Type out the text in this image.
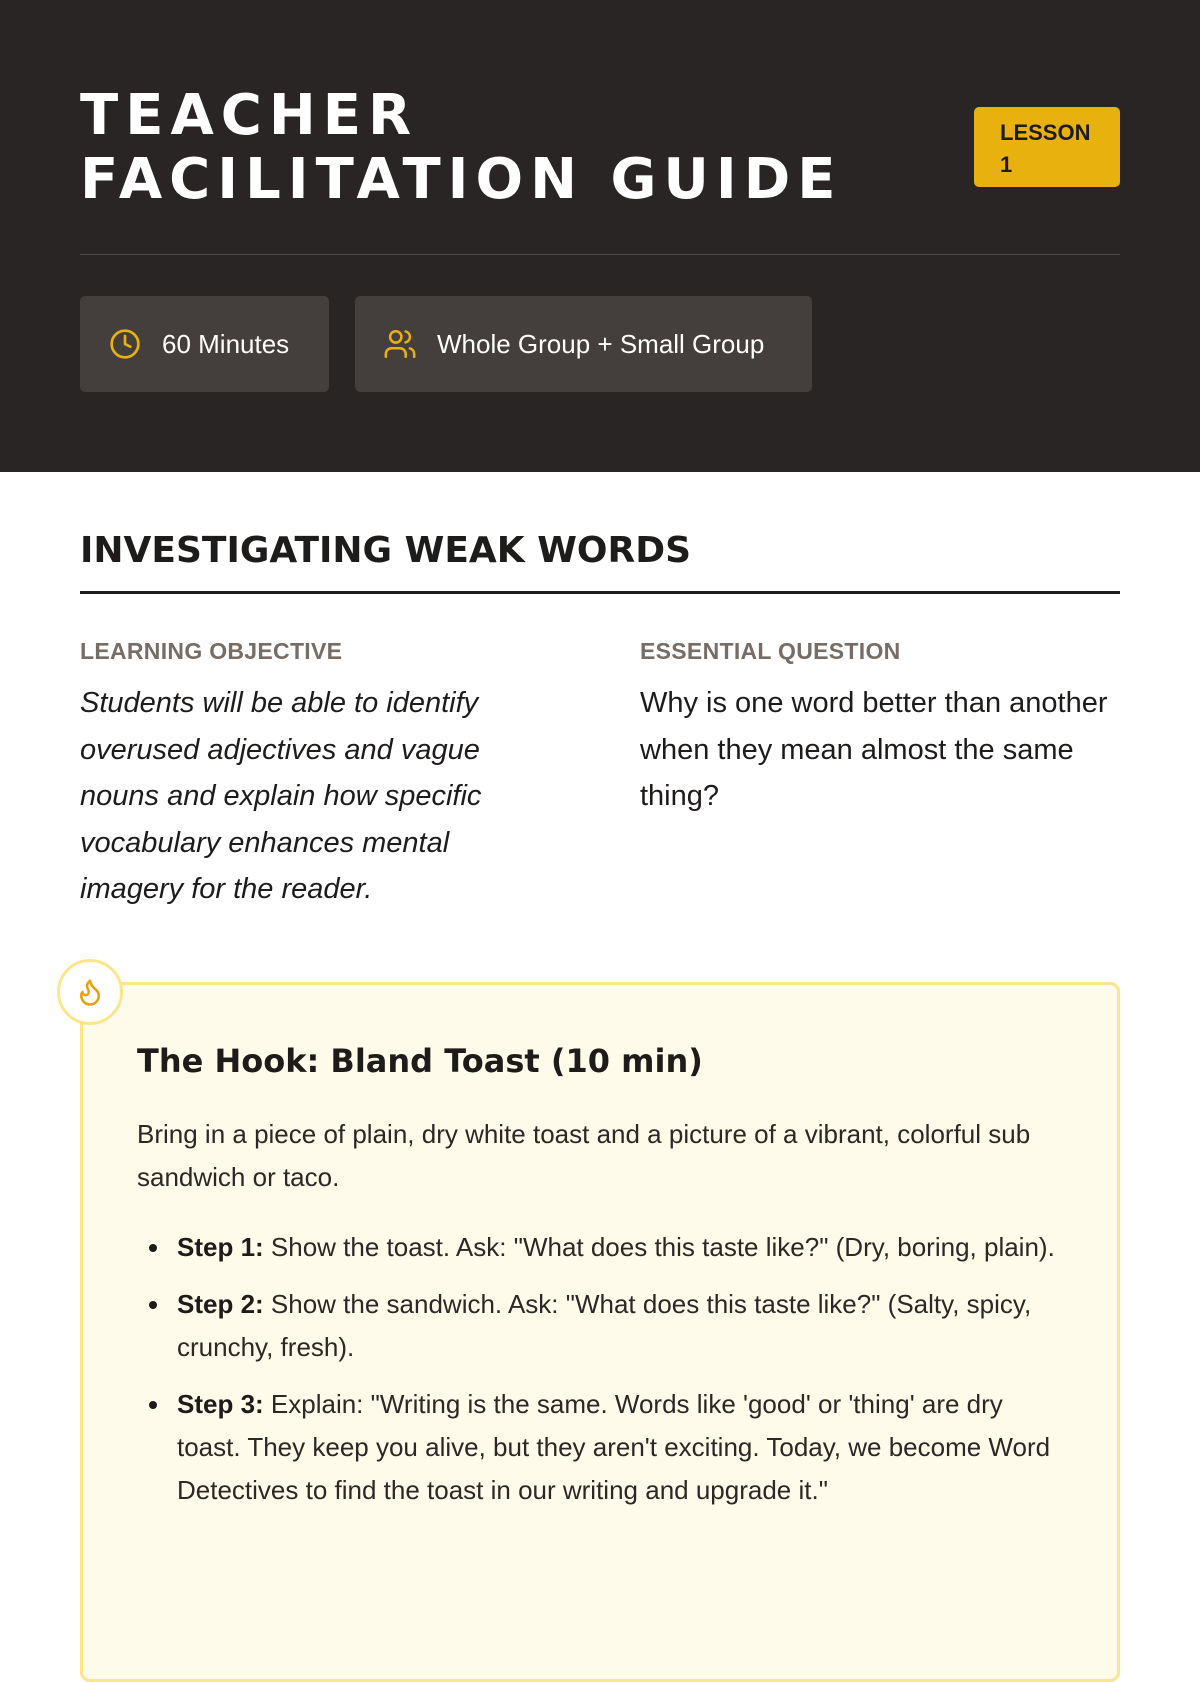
TEACHER
FACILITATION GUIDE
LESSON
1
60 Minutes	Whole Group + Small Group
INVESTIGATING WEAK WORDS
LEARNING OBJECTIVE

Students will be able to identify overused adjectives and vague nouns and explain how specific vocabulary enhances mental imagery for the reader.

ESSENTIAL QUESTION

Why is one word better than another when they mean almost the same thing?

The Hook: Bland Toast (10 min)

Bring in a piece of plain, dry white toast and a picture of a vibrant, colorful sub sandwich or taco.

Step 1: Show the toast. Ask: "What does this taste like?" (Dry, boring, plain).
Step 2: Show the sandwich. Ask: "What does this taste like?" (Salty, spicy, crunchy, fresh).
Step 3: Explain: "Writing is the same. Words like 'good' or 'thing' are dry toast. They keep you alive, but they aren't exciting. Today, we become Word Detectives to find the toast in our writing and upgrade it."
